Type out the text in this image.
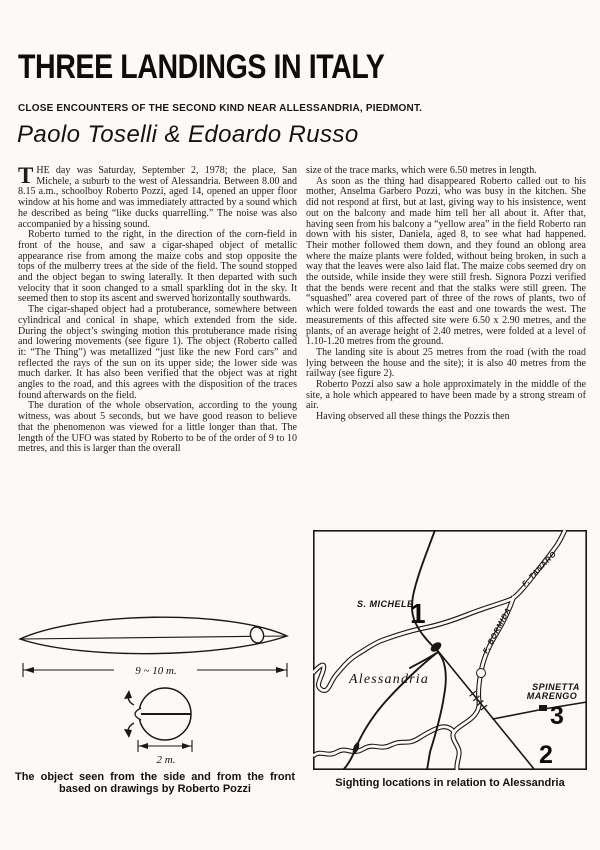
THREE LANDINGS IN ITALY
CLOSE ENCOUNTERS OF THE SECOND KIND NEAR ALLESSANDRIA, PIEDMONT.
Paolo Toselli & Edoardo Russo

THE day was Saturday, September 2, 1978; the place, San Michele, a suburb to the west of Alessandria. Between 8.00 and 8.15 a.m., schoolboy Roberto Pozzi, aged 14, opened an upper floor window at his home and was immediately attracted by a sound which he described as being “like ducks quarrelling.” The noise was also accompanied by a hissing sound.

Roberto turned to the right, in the direction of the corn-field in front of the house, and saw a cigar-shaped object of metallic appearance rise from among the maize cobs and stop opposite the tops of the mulberry trees at the side of the field. The sound stopped and the object began to swing laterally. It then departed with such velocity that it soon changed to a small sparkling dot in the sky. It seemed then to stop its ascent and swerved horizontally southwards.

The cigar-shaped object had a protuberance, somewhere between cylindrical and conical in shape, which extended from the side. During the object’s swinging motion this protuberance made rising and lowering movements (see figure 1). The object (Roberto called it: “The Thing”) was metallized “just like the new Ford cars” and reflected the rays of the sun on its upper side; the lower side was much darker. It has also been verified that the object was at right angles to the road, and this agrees with the disposition of the traces found afterwards on the field.

The duration of the whole observation, according to the young witness, was about 5 seconds, but we have good reason to believe that the phenomenon was viewed for a little longer than that. The length of the UFO was stated by Roberto to be of the order of 9 to 10 metres, and this is larger than the overall

size of the trace marks, which were 6.50 metres in length.

As soon as the thing had disappeared Roberto called out to his mother, Anselma Garbero Pozzi, who was busy in the kitchen. She did not respond at first, but at last, giving way to his insistence, went out on the balcony and made him tell her all about it. After that, having seen from his balcony a “yellow area” in the field Roberto ran down with his sister, Daniela, aged 8, to see what had happened. Their mother followed them down, and they found an oblong area where the maize plants were folded, without being broken, in such a way that the leaves were also laid flat. The maize cobs seemed dry on the outside, while inside they were still fresh. Signora Pozzi verified that the bends were recent and that the stalks were still green. The “squashed” area covered part of three of the rows of plants, two of which were folded towards the east and one towards the west. The measurements of this affected site were 6.50 x 2.90 metres, and the plants, of an average height of 2.40 metres, were folded at a level of 1.10-1.20 metres from the ground.

The landing site is about 25 metres from the road (with the road lying between the house and the site); it is also 40 metres from the railway (see figure 2).

Roberto Pozzi also saw a hole approximately in the middle of the site, a hole which appeared to have been made by a strong stream of air.

Having observed all these things the Pozzis then

9 ~ 10 m.
2 m.
The object seen from the side and from the front
based on drawings by Roberto Pozzi
S. MICHELE
1
F. TANARO
F. BORMIDA
Alessandria	SPINETTA
MARENGO
3
2
Sighting locations in relation to Alessandria
